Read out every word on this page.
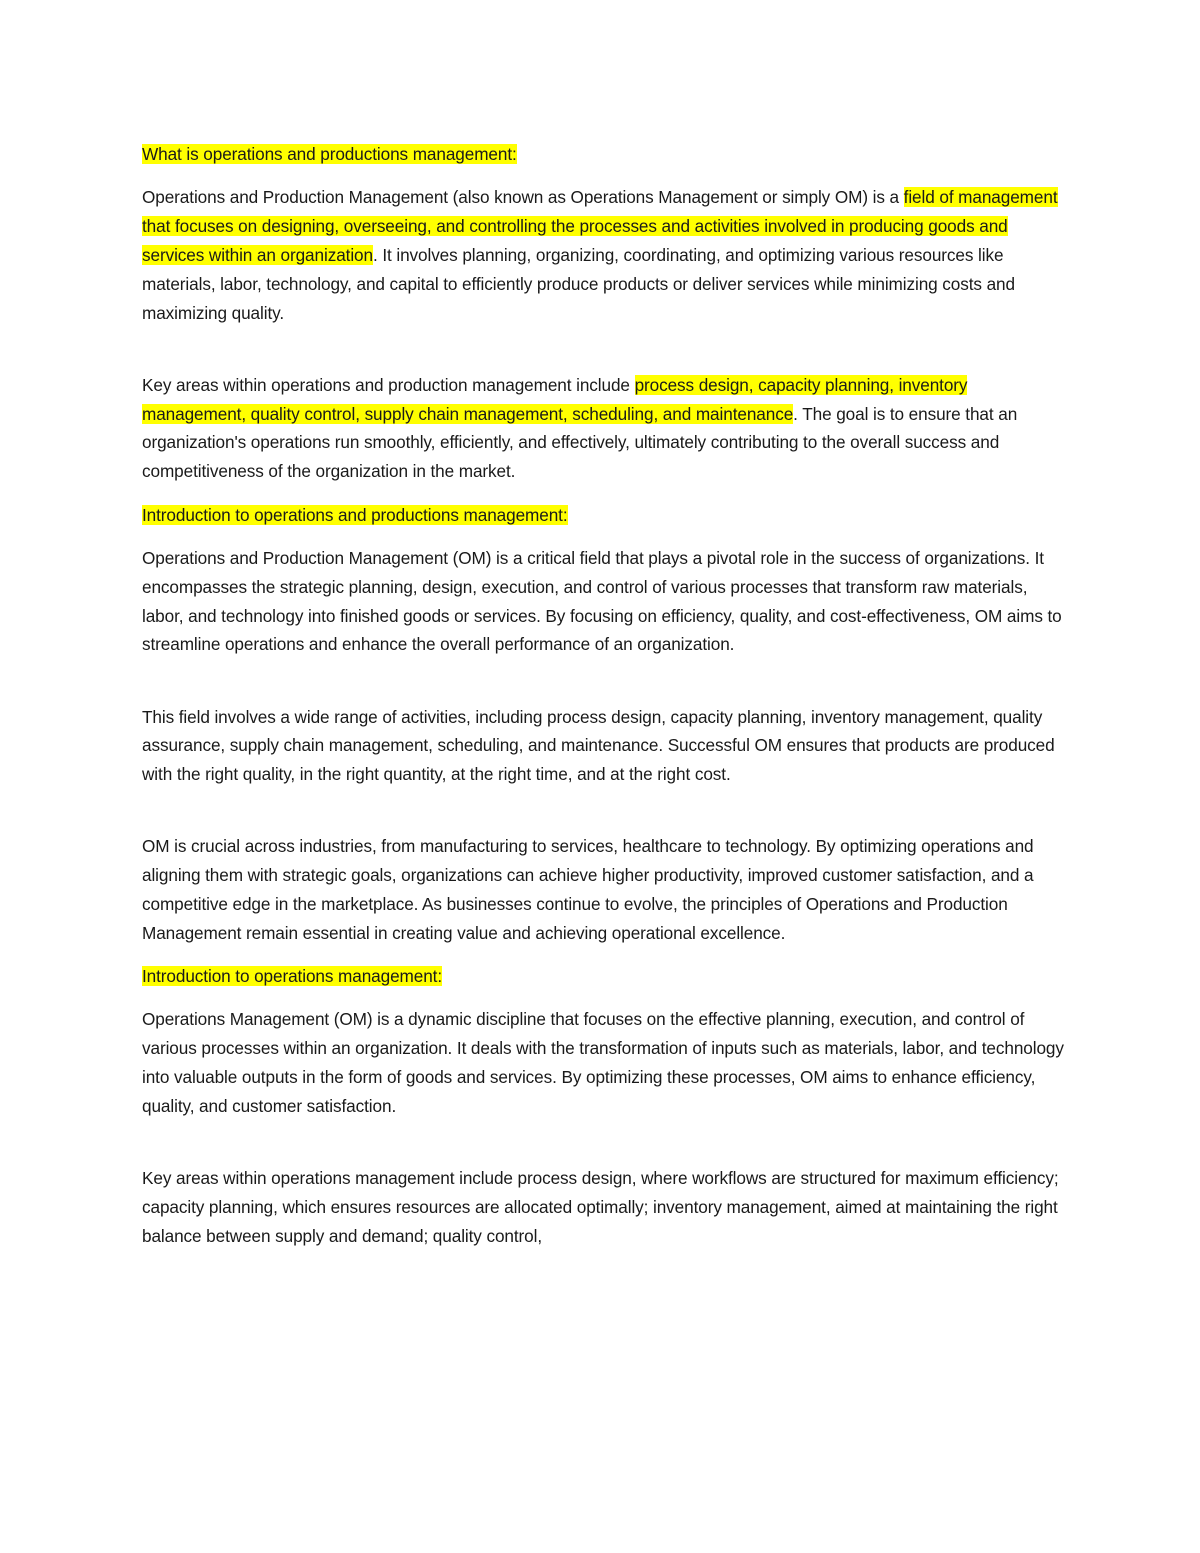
What is operations and productions management:

Operations and Production Management (also known as Operations Management or simply OM) is a field of management that focuses on designing, overseeing, and controlling the processes and activities involved in producing goods and services within an organization. It involves planning, organizing, coordinating, and optimizing various resources like materials, labor, technology, and capital to efficiently produce products or deliver services while minimizing costs and maximizing quality.

Key areas within operations and production management include process design, capacity planning, inventory management, quality control, supply chain management, scheduling, and maintenance. The goal is to ensure that an organization's operations run smoothly, efficiently, and effectively, ultimately contributing to the overall success and competitiveness of the organization in the market.

Introduction to operations and productions management:

Operations and Production Management (OM) is a critical field that plays a pivotal role in the success of organizations. It encompasses the strategic planning, design, execution, and control of various processes that transform raw materials, labor, and technology into finished goods or services. By focusing on efficiency, quality, and cost-effectiveness, OM aims to streamline operations and enhance the overall performance of an organization.

This field involves a wide range of activities, including process design, capacity planning, inventory management, quality assurance, supply chain management, scheduling, and maintenance. Successful OM ensures that products are produced with the right quality, in the right quantity, at the right time, and at the right cost.

OM is crucial across industries, from manufacturing to services, healthcare to technology. By optimizing operations and aligning them with strategic goals, organizations can achieve higher productivity, improved customer satisfaction, and a competitive edge in the marketplace. As businesses continue to evolve, the principles of Operations and Production Management remain essential in creating value and achieving operational excellence.

Introduction to operations management:

Operations Management (OM) is a dynamic discipline that focuses on the effective planning, execution, and control of various processes within an organization. It deals with the transformation of inputs such as materials, labor, and technology into valuable outputs in the form of goods and services. By optimizing these processes, OM aims to enhance efficiency, quality, and customer satisfaction.

Key areas within operations management include process design, where workflows are structured for maximum efficiency; capacity planning, which ensures resources are allocated optimally; inventory management, aimed at maintaining the right balance between supply and demand; quality control,
